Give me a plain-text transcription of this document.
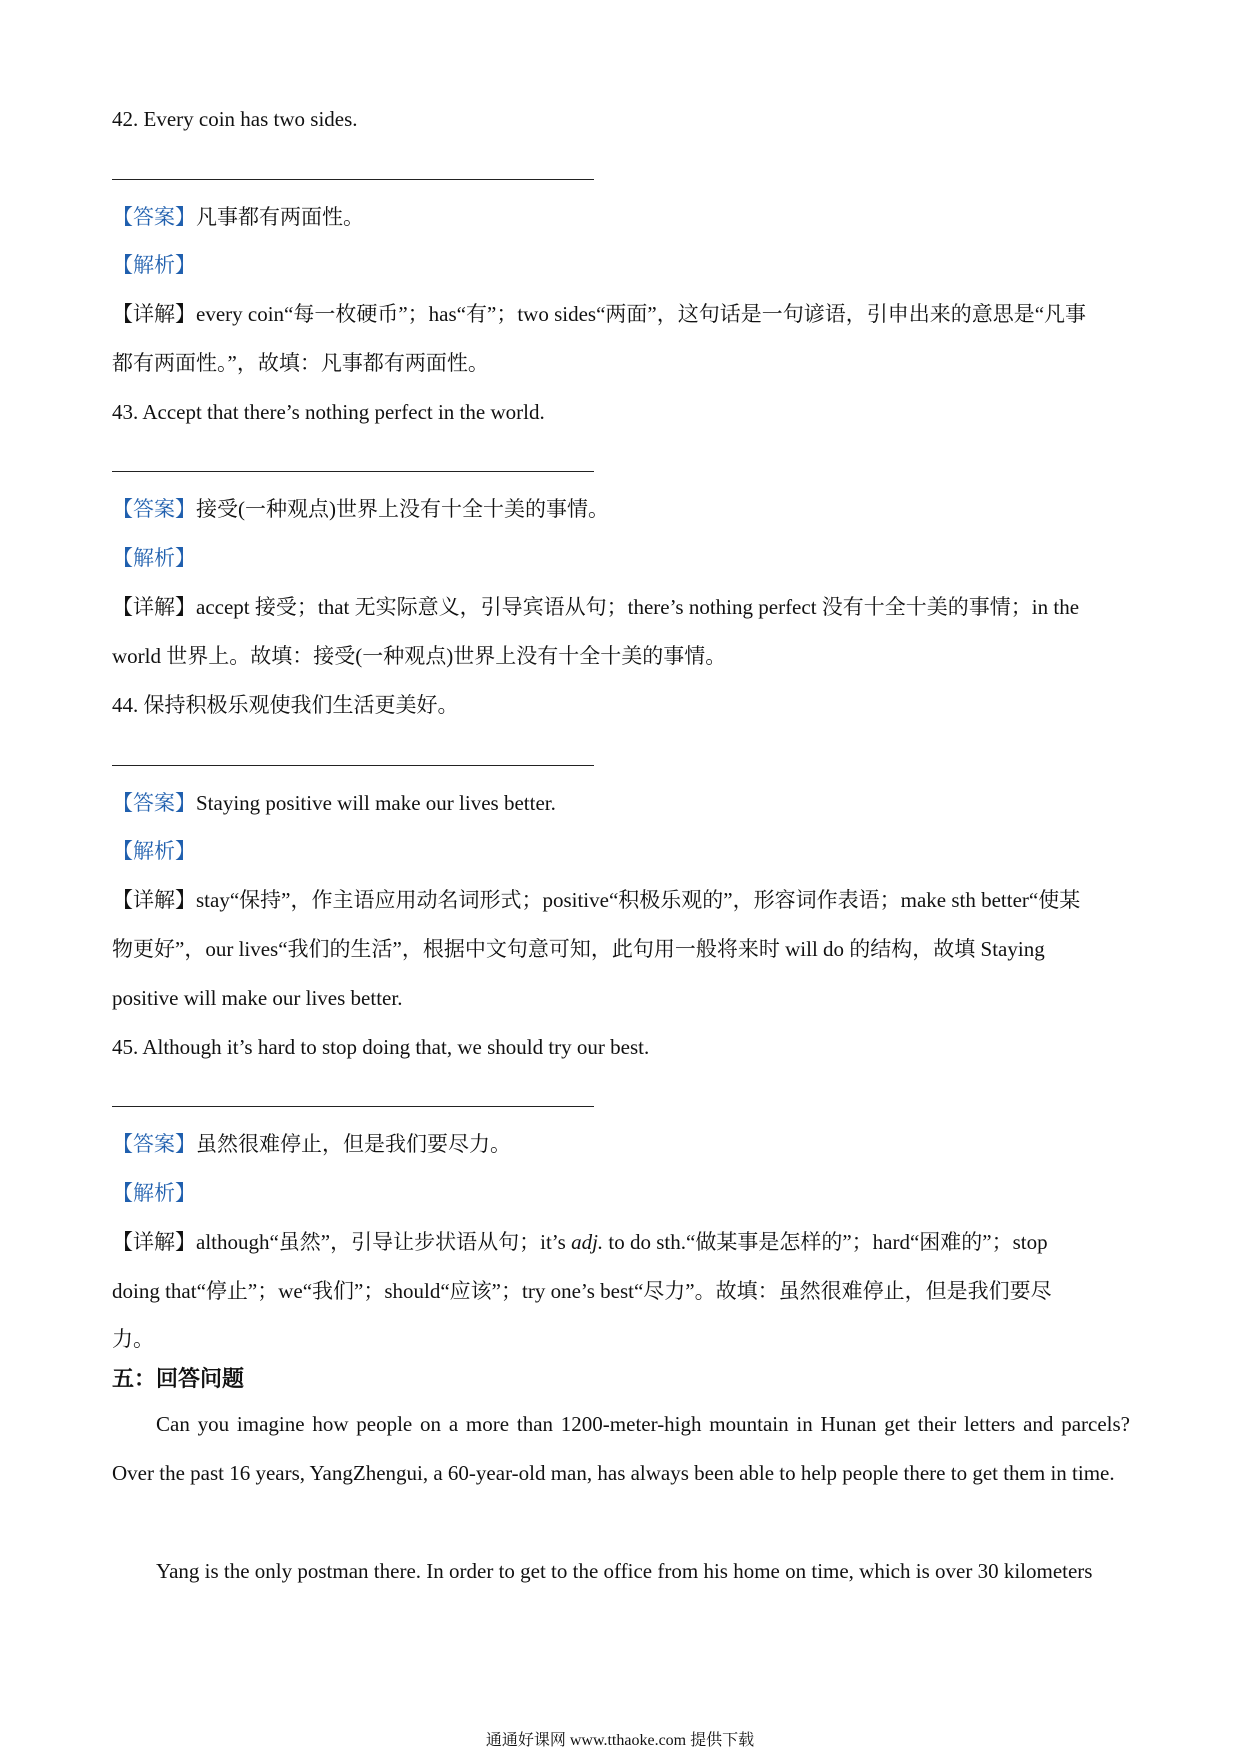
42. Every coin has two sides.
【答案】凡事都有两面性。
【解析】
【详解】every coin“每一枚硬币”；has“有”；two sides“两面”，这句话是一句谚语，引申出来的意思是“凡事
都有两面性。”，故填：凡事都有两面性。
43. Accept that there’s nothing perfect in the world.
【答案】接受(一种观点)世界上没有十全十美的事情。
【解析】
【详解】accept 接受；that 无实际意义，引导宾语从句；there’s nothing perfect 没有十全十美的事情；in the
world 世界上。故填：接受(一种观点)世界上没有十全十美的事情。
44. 保持积极乐观使我们生活更美好。
【答案】Staying positive will make our lives better.
【解析】
【详解】stay“保持”，作主语应用动名词形式；positive“积极乐观的”，形容词作表语；make sth better“使某
物更好”，our lives“我们的生活”，根据中文句意可知，此句用一般将来时 will do 的结构，故填 Staying
positive will make our lives better.
45. Although it’s hard to stop doing that, we should try our best.
【答案】虽然很难停止，但是我们要尽力。
【解析】
【详解】although“虽然”，引导让步状语从句；it’s adj. to do sth.“做某事是怎样的”；hard“困难的”；stop
doing that“停止”；we“我们”；should“应该”；try one’s best“尽力”。故填：虽然很难停止，但是我们要尽
力。
五：回答问题
Can you imagine how people on a more than 1200-meter-high mountain in Hunan get their letters and parcels? Over the past 16 years, YangZhengui, a 60-year-old man, has always been able to help people there to get them in time.
Yang is the only postman there. In order to get to the office from his home on time, which is over 30 kilometers
通通好课网 www.tthaoke.com 提供下载
